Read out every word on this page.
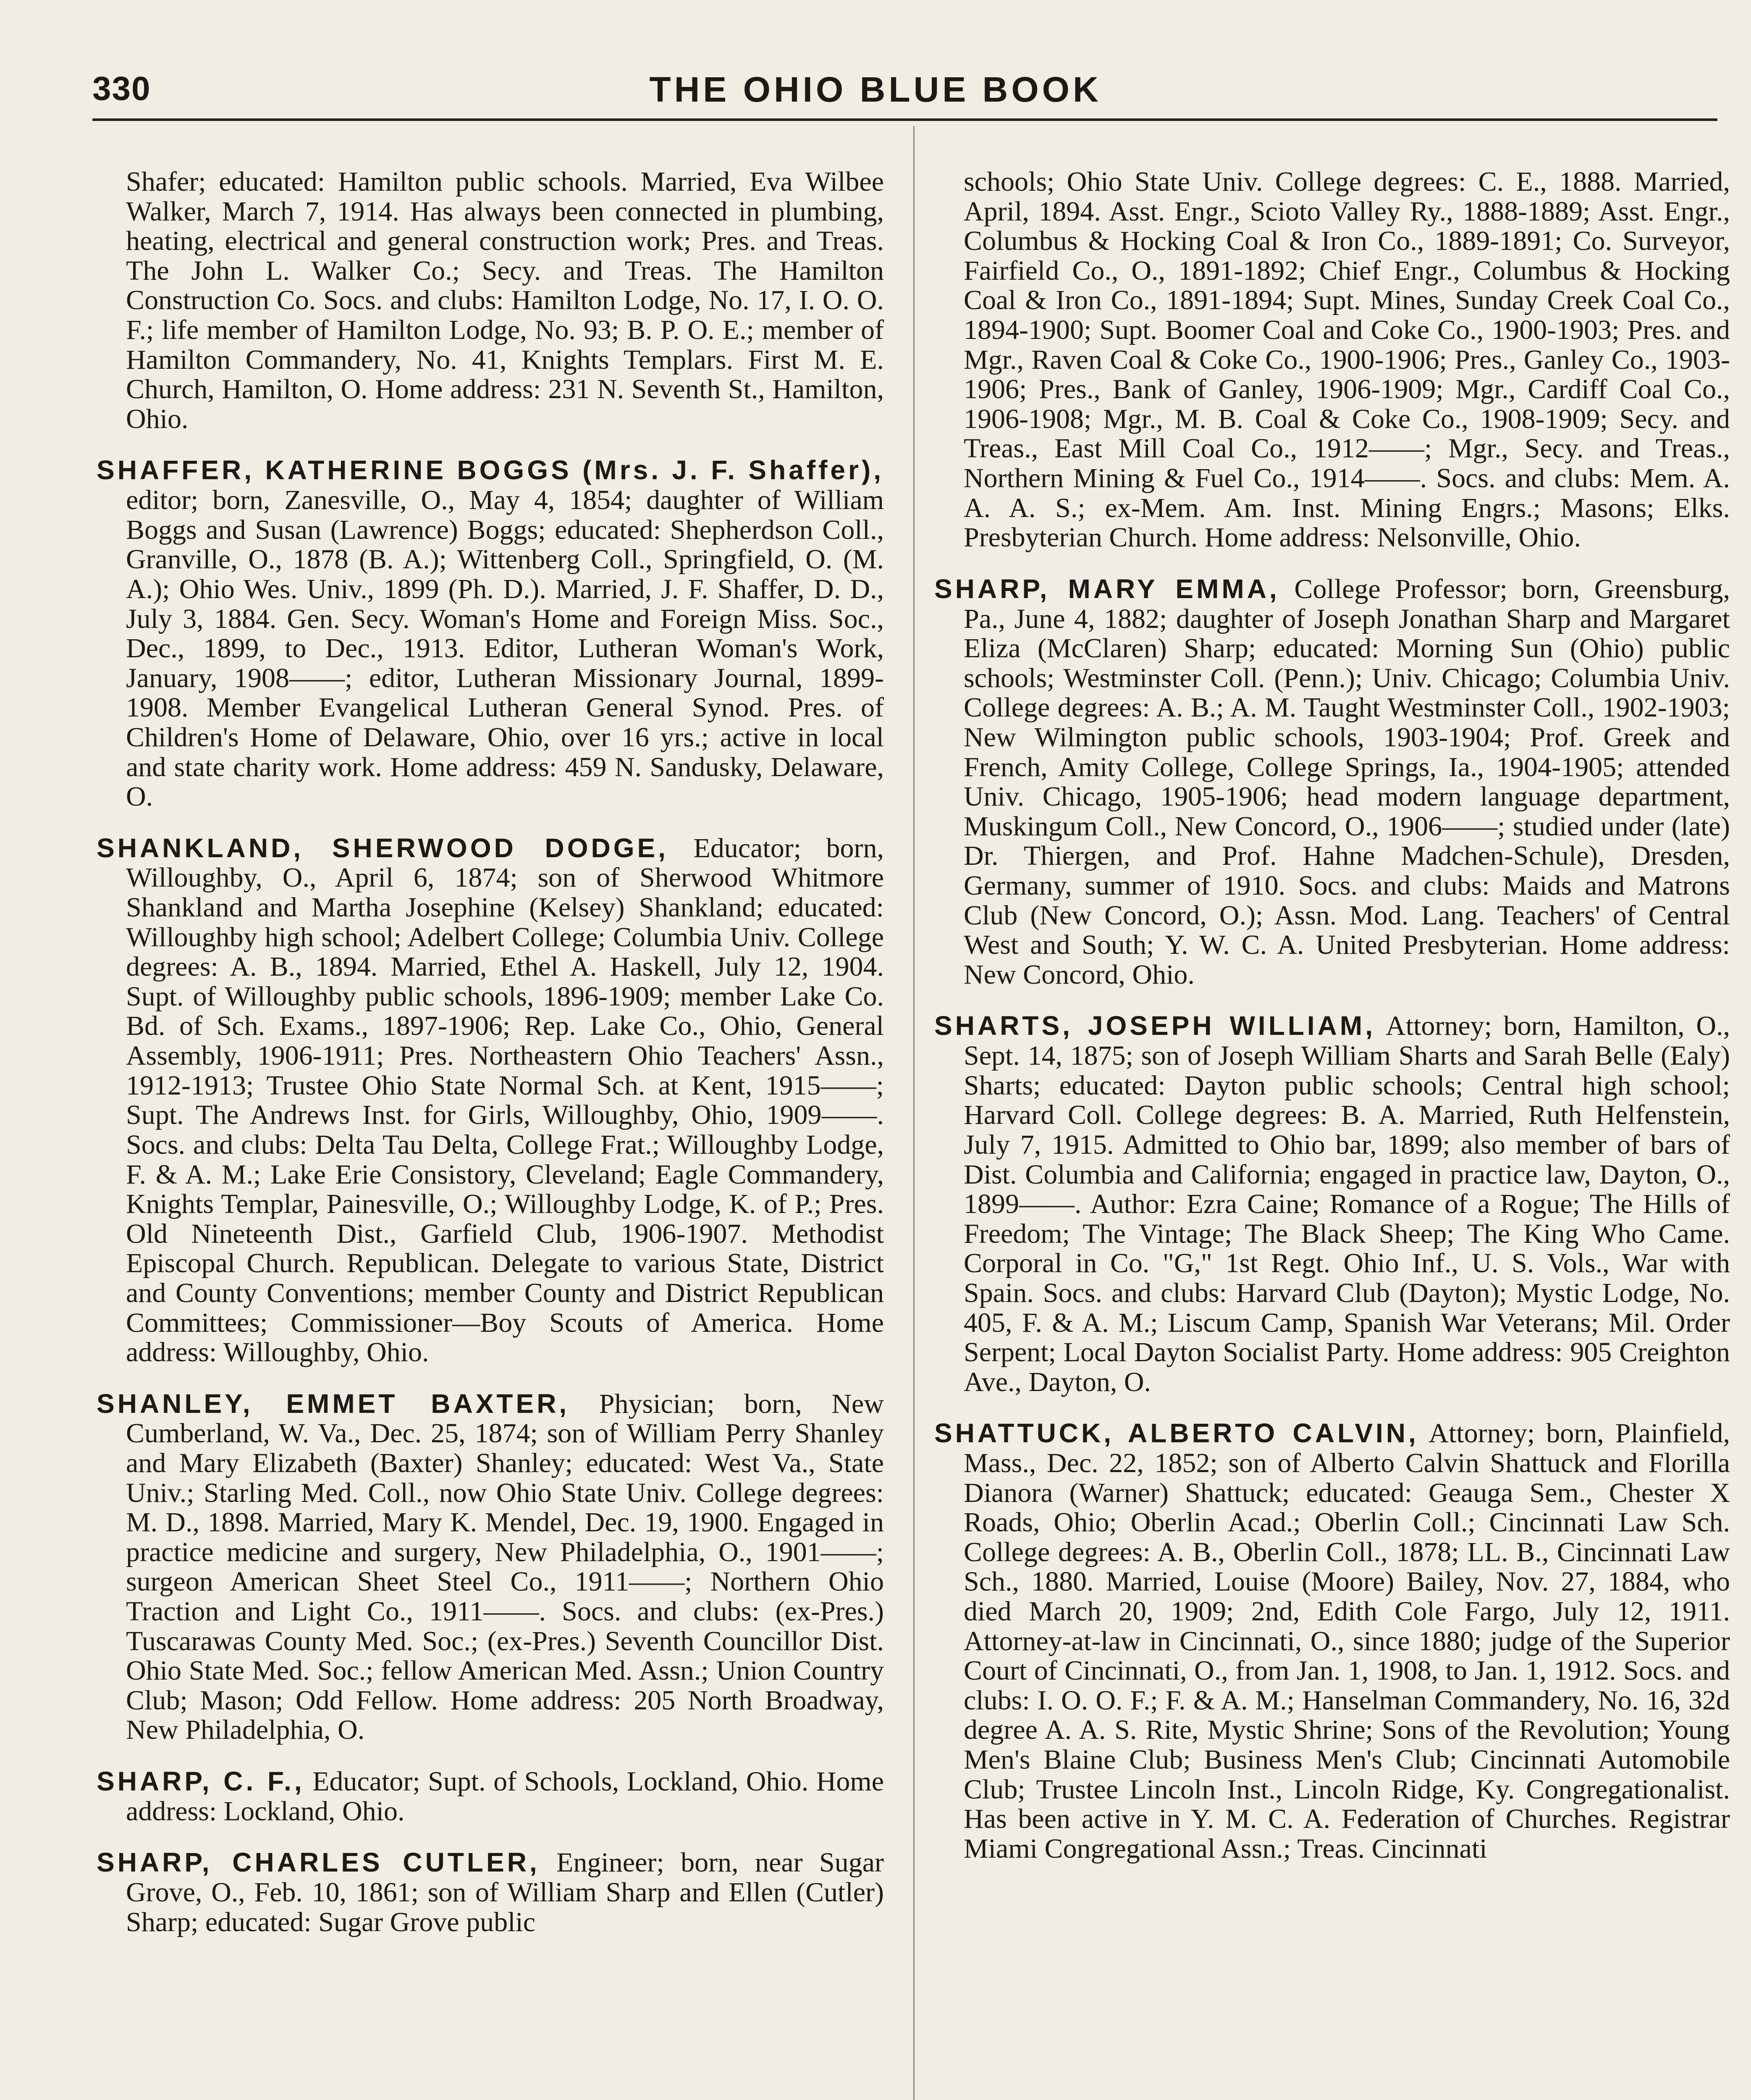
330	THE OHIO BLUE BOOK

Shafer; educated: Hamilton public schools. Married, Eva Wilbee Walker, March 7, 1914. Has always been connected in plumbing, heating, electrical and general construction work; Pres. and Treas. The John L. Walker Co.; Secy. and Treas. The Hamilton Construction Co. Socs. and clubs: Hamilton Lodge, No. 17, I. O. O. F.; life member of Hamilton Lodge, No. 93; B. P. O. E.; member of Hamilton Commandery, No. 41, Knights Templars. First M. E. Church, Hamilton, O. Home address: 231 N. Seventh St., Hamilton, Ohio.

SHAFFER, KATHERINE BOGGS (Mrs. J. F. Shaffer), editor; born, Zanesville, O., May 4, 1854; daughter of William Boggs and Susan (Lawrence) Boggs; educated: Shepherdson Coll., Granville, O., 1878 (B. A.); Wittenberg Coll., Springfield, O. (M. A.); Ohio Wes. Univ., 1899 (Ph. D.). Married, J. F. Shaffer, D. D., July 3, 1884. Gen. Secy. Woman's Home and Foreign Miss. Soc., Dec., 1899, to Dec., 1913. Editor, Lutheran Woman's Work, January, 1908——; editor, Lutheran Missionary Journal, 1899-1908. Member Evangelical Lutheran General Synod. Pres. of Children's Home of Delaware, Ohio, over 16 yrs.; active in local and state charity work. Home address: 459 N. Sandusky, Delaware, O.

SHANKLAND, SHERWOOD DODGE, Educator; born, Willoughby, O., April 6, 1874; son of Sherwood Whitmore Shankland and Martha Josephine (Kelsey) Shankland; educated: Willoughby high school; Adelbert College; Columbia Univ. College degrees: A. B., 1894. Married, Ethel A. Haskell, July 12, 1904. Supt. of Willoughby public schools, 1896-1909; member Lake Co. Bd. of Sch. Exams., 1897-1906; Rep. Lake Co., Ohio, General Assembly, 1906-1911; Pres. Northeastern Ohio Teachers' Assn., 1912-1913; Trustee Ohio State Normal Sch. at Kent, 1915——; Supt. The Andrews Inst. for Girls, Willoughby, Ohio, 1909——. Socs. and clubs: Delta Tau Delta, College Frat.; Willoughby Lodge, F. & A. M.; Lake Erie Consistory, Cleveland; Eagle Commandery, Knights Templar, Painesville, O.; Willoughby Lodge, K. of P.; Pres. Old Nineteenth Dist., Garfield Club, 1906-1907. Methodist Episcopal Church. Republican. Delegate to various State, District and County Conventions; member County and District Republican Committees; Commissioner—Boy Scouts of America. Home address: Willoughby, Ohio.

SHANLEY, EMMET BAXTER, Physician; born, New Cumberland, W. Va., Dec. 25, 1874; son of William Perry Shanley and Mary Elizabeth (Baxter) Shanley; educated: West Va., State Univ.; Starling Med. Coll., now Ohio State Univ. College degrees: M. D., 1898. Married, Mary K. Mendel, Dec. 19, 1900. Engaged in practice medicine and surgery, New Philadelphia, O., 1901——; surgeon American Sheet Steel Co., 1911——; Northern Ohio Traction and Light Co., 1911——. Socs. and clubs: (ex-Pres.) Tuscarawas County Med. Soc.; (ex-Pres.) Seventh Councillor Dist. Ohio State Med. Soc.; fellow American Med. Assn.; Union Country Club; Mason; Odd Fellow. Home address: 205 North Broadway, New Philadelphia, O.

SHARP, C. F., Educator; Supt. of Schools, Lockland, Ohio. Home address: Lockland, Ohio.

SHARP, CHARLES CUTLER, Engineer; born, near Sugar Grove, O., Feb. 10, 1861; son of William Sharp and Ellen (Cutler) Sharp; educated: Sugar Grove public

schools; Ohio State Univ. College degrees: C. E., 1888. Married, April, 1894. Asst. Engr., Scioto Valley Ry., 1888-1889; Asst. Engr., Columbus & Hocking Coal & Iron Co., 1889-1891; Co. Surveyor, Fairfield Co., O., 1891-1892; Chief Engr., Columbus & Hocking Coal & Iron Co., 1891-1894; Supt. Mines, Sunday Creek Coal Co., 1894-1900; Supt. Boomer Coal and Coke Co., 1900-1903; Pres. and Mgr., Raven Coal & Coke Co., 1900-1906; Pres., Ganley Co., 1903-1906; Pres., Bank of Ganley, 1906-1909; Mgr., Cardiff Coal Co., 1906-1908; Mgr., M. B. Coal & Coke Co., 1908-1909; Secy. and Treas., East Mill Coal Co., 1912——; Mgr., Secy. and Treas., Northern Mining & Fuel Co., 1914——. Socs. and clubs: Mem. A. A. A. S.; ex-Mem. Am. Inst. Mining Engrs.; Masons; Elks. Presbyterian Church. Home address: Nelsonville, Ohio.

SHARP, MARY EMMA, College Professor; born, Greensburg, Pa., June 4, 1882; daughter of Joseph Jonathan Sharp and Margaret Eliza (McClaren) Sharp; educated: Morning Sun (Ohio) public schools; Westminster Coll. (Penn.); Univ. Chicago; Columbia Univ. College degrees: A. B.; A. M. Taught Westminster Coll., 1902-1903; New Wilmington public schools, 1903-1904; Prof. Greek and French, Amity College, College Springs, Ia., 1904-1905; attended Univ. Chicago, 1905-1906; head modern language department, Muskingum Coll., New Concord, O., 1906——; studied under (late) Dr. Thiergen, and Prof. Hahne Madchen-Schule), Dresden, Germany, summer of 1910. Socs. and clubs: Maids and Matrons Club (New Concord, O.); Assn. Mod. Lang. Teachers' of Central West and South; Y. W. C. A. United Presbyterian. Home address: New Concord, Ohio.

SHARTS, JOSEPH WILLIAM, Attorney; born, Hamilton, O., Sept. 14, 1875; son of Joseph William Sharts and Sarah Belle (Ealy) Sharts; educated: Dayton public schools; Central high school; Harvard Coll. College degrees: B. A. Married, Ruth Helfenstein, July 7, 1915. Admitted to Ohio bar, 1899; also member of bars of Dist. Columbia and California; engaged in practice law, Dayton, O., 1899——. Author: Ezra Caine; Romance of a Rogue; The Hills of Freedom; The Vintage; The Black Sheep; The King Who Came. Corporal in Co. "G," 1st Regt. Ohio Inf., U. S. Vols., War with Spain. Socs. and clubs: Harvard Club (Dayton); Mystic Lodge, No. 405, F. & A. M.; Liscum Camp, Spanish War Veterans; Mil. Order Serpent; Local Dayton Socialist Party. Home address: 905 Creighton Ave., Dayton, O.

SHATTUCK, ALBERTO CALVIN, Attorney; born, Plainfield, Mass., Dec. 22, 1852; son of Alberto Calvin Shattuck and Florilla Dianora (Warner) Shattuck; educated: Geauga Sem., Chester X Roads, Ohio; Oberlin Acad.; Oberlin Coll.; Cincinnati Law Sch. College degrees: A. B., Oberlin Coll., 1878; LL. B., Cincinnati Law Sch., 1880. Married, Louise (Moore) Bailey, Nov. 27, 1884, who died March 20, 1909; 2nd, Edith Cole Fargo, July 12, 1911. Attorney-at-law in Cincinnati, O., since 1880; judge of the Superior Court of Cincinnati, O., from Jan. 1, 1908, to Jan. 1, 1912. Socs. and clubs: I. O. O. F.; F. & A. M.; Hanselman Commandery, No. 16, 32d degree A. A. S. Rite, Mystic Shrine; Sons of the Revolution; Young Men's Blaine Club; Business Men's Club; Cincinnati Automobile Club; Trustee Lincoln Inst., Lincoln Ridge, Ky. Congregationalist. Has been active in Y. M. C. A. Federation of Churches. Registrar Miami Congregational Assn.; Treas. Cincinnati
